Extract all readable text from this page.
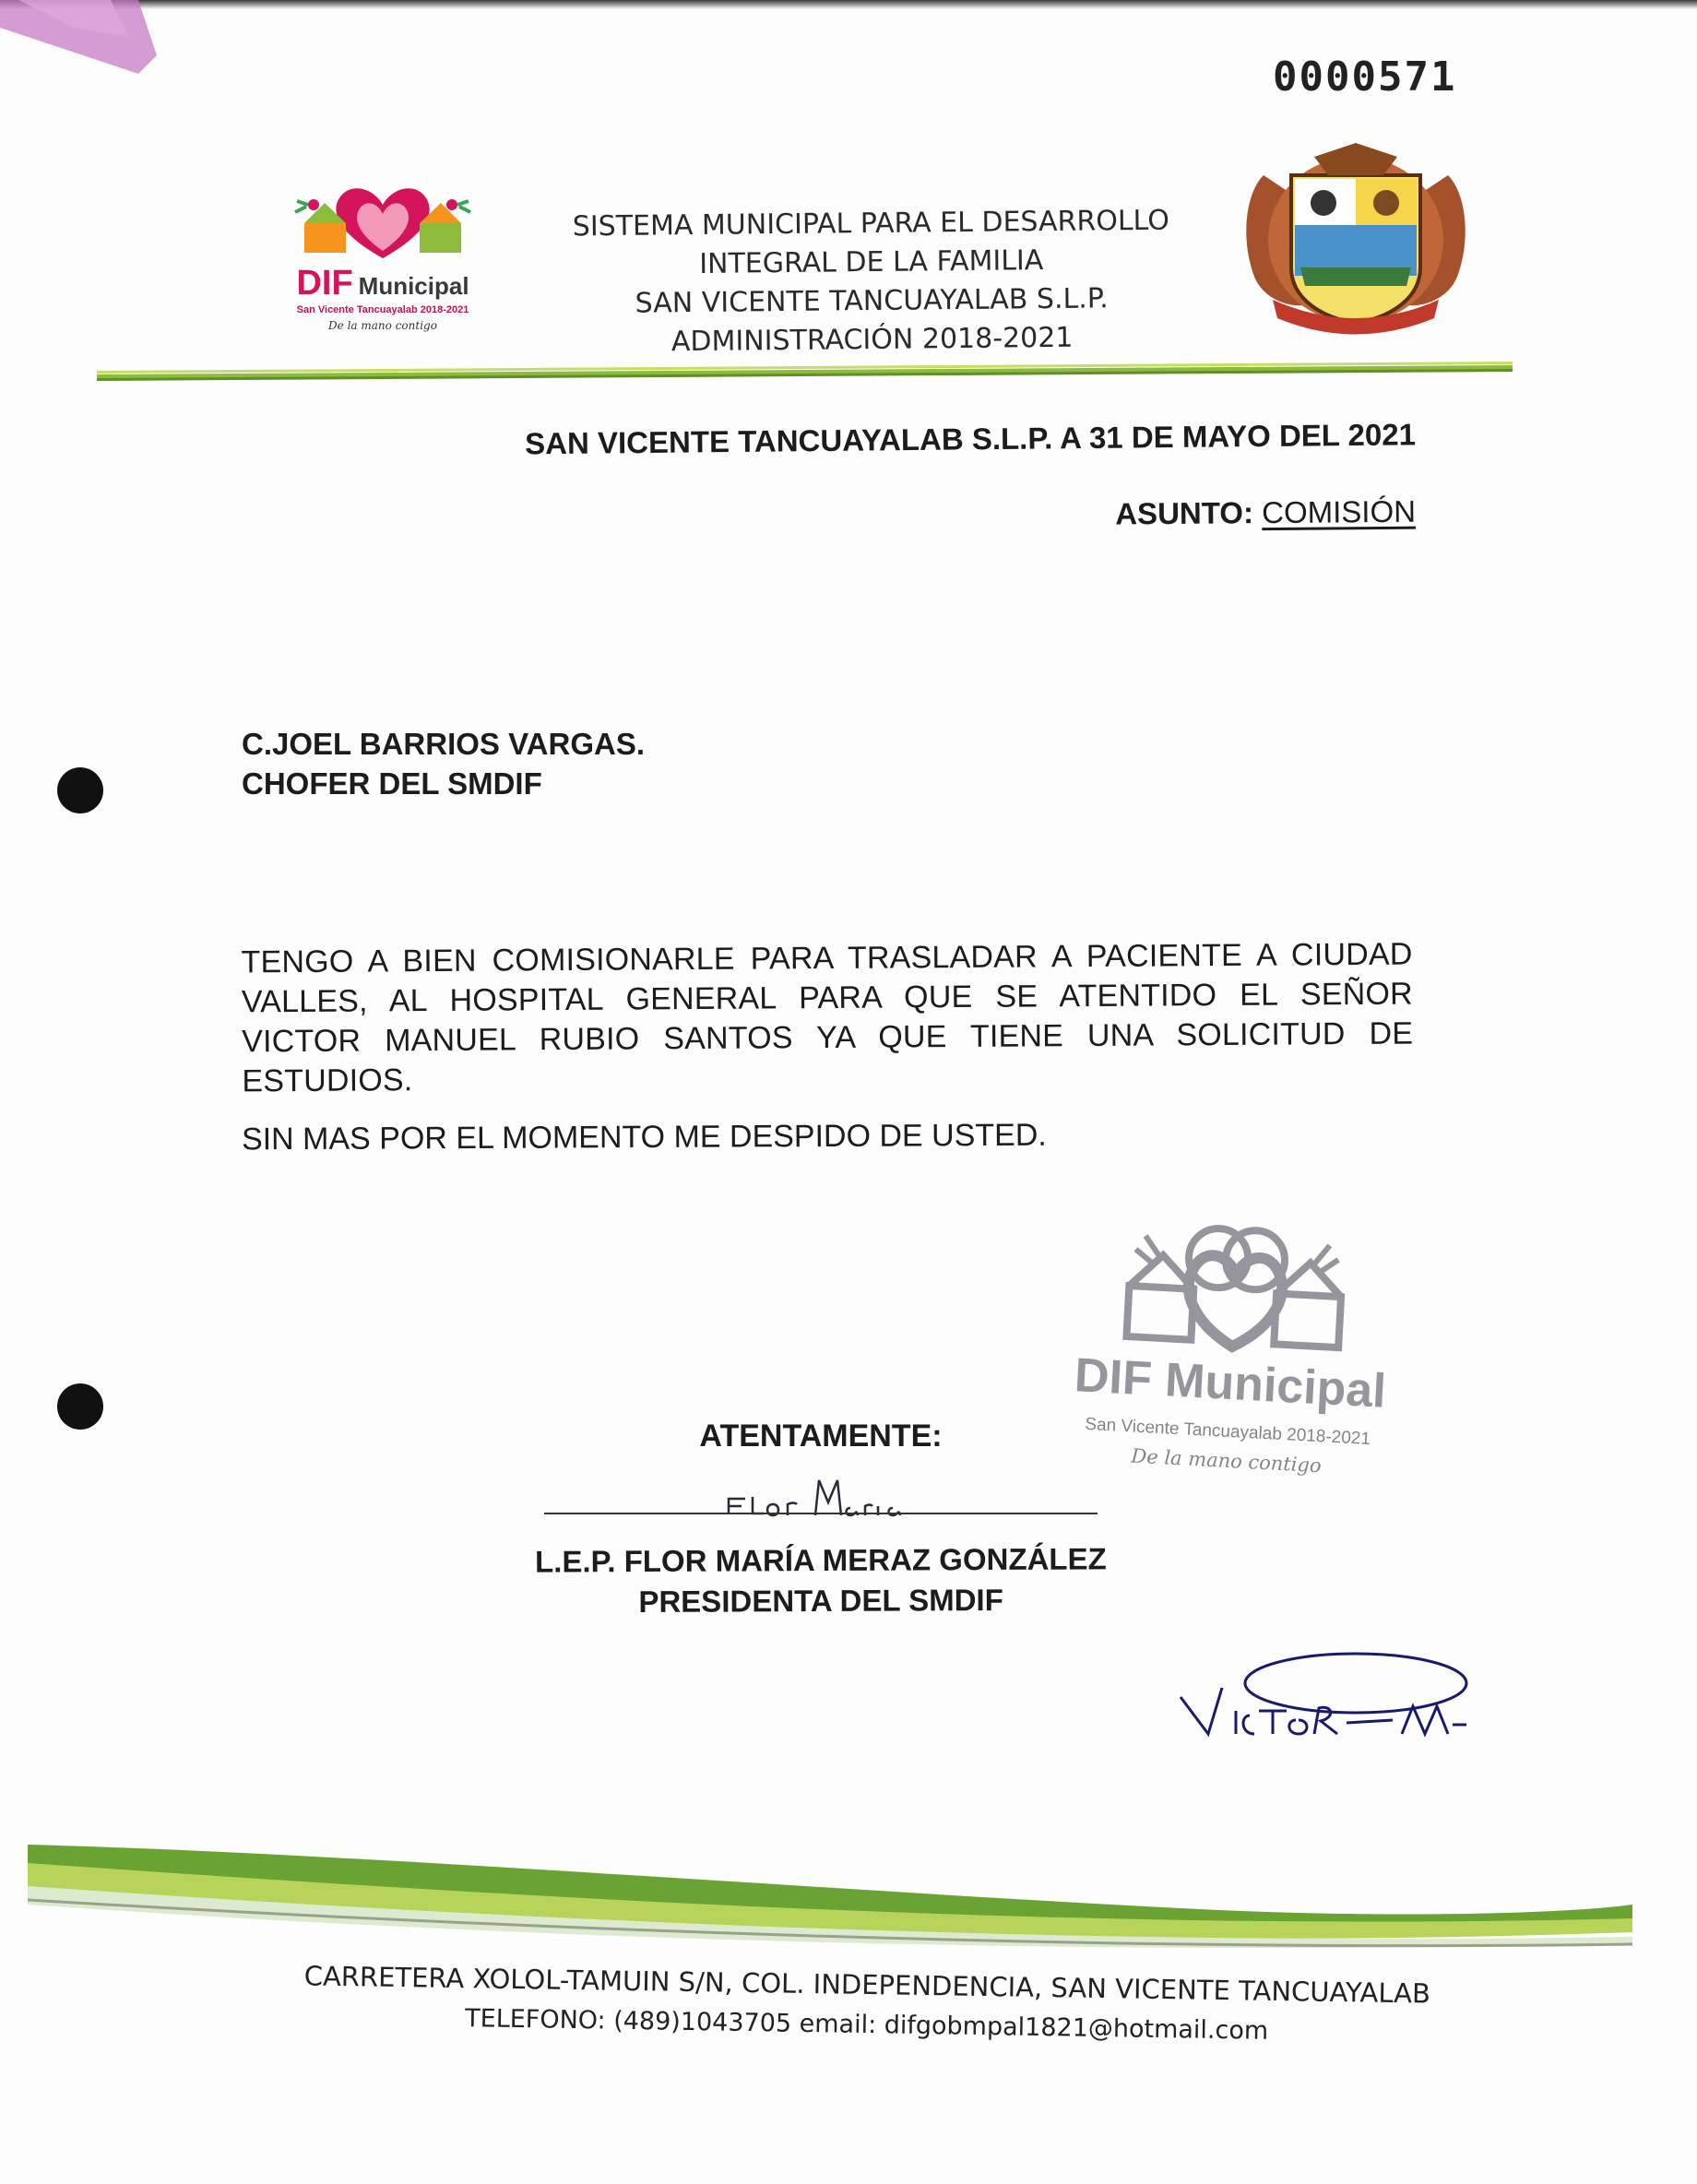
0000571
DIF Municipal
San Vicente Tancuayalab 2018-2021
De la mano contigo
SISTEMA MUNICIPAL PARA EL DESARROLLO
INTEGRAL DE LA FAMILIA
SAN VICENTE TANCUAYALAB S.L.P.
ADMINISTRACIÓN 2018-2021
SAN VICENTE TANCUAYALAB S.L.P. A 31 DE MAYO DEL 2021
ASUNTO: COMISIÓN
C.JOEL BARRIOS VARGAS.
CHOFER DEL SMDIF
TENGO A BIEN COMISIONARLE PARA TRASLADAR A PACIENTE A CIUDAD VALLES, AL HOSPITAL GENERAL PARA QUE SE ATENTIDO EL SEÑOR VICTOR MANUEL RUBIO SANTOS YA QUE TIENE UNA SOLICITUD DE ESTUDIOS.
SIN MAS POR EL MOMENTO ME DESPIDO DE USTED.
DIF Municipal
San Vicente Tancuayalab 2018-2021
De la mano contigo
ATENTAMENTE:
L.E.P. FLOR MARÍA MERAZ GONZÁLEZ
PRESIDENTA DEL SMDIF
CARRETERA XOLOL-TAMUIN S/N, COL. INDEPENDENCIA, SAN VICENTE TANCUAYALAB
TELEFONO: (489)1043705 email: difgobmpal1821@hotmail.com
